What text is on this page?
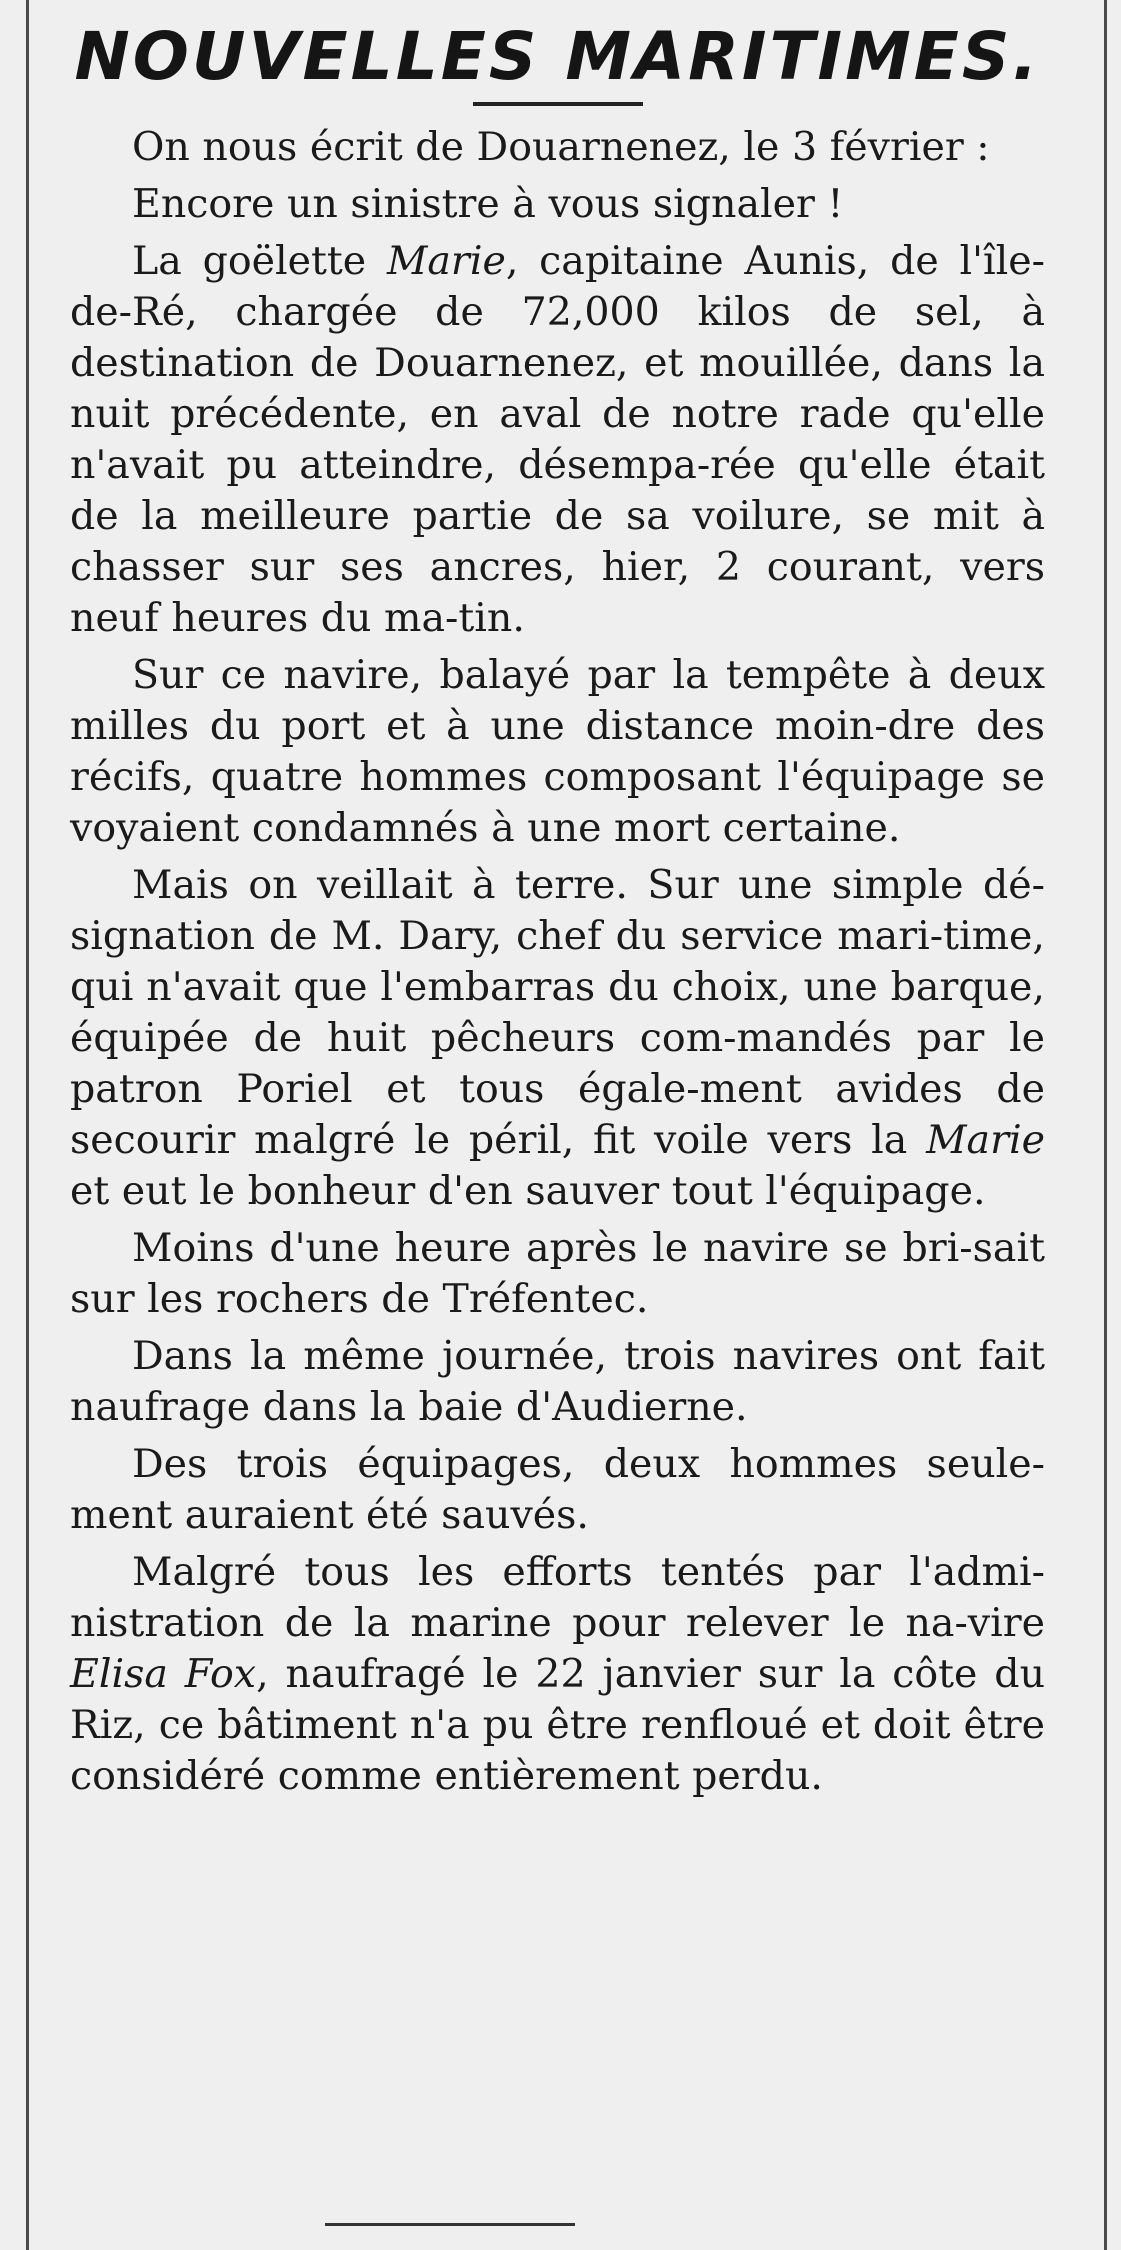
NOUVELLES MARITIMES.

On nous écrit de Douarnenez, le 3 février :

Encore un sinistre à vous signaler !

La goëlette Marie, capitaine Aunis, de l'île-de-Ré, chargée de 72,000 kilos de sel, à destination de Douarnenez, et mouillée, dans la nuit précédente, en aval de notre rade qu'elle n'avait pu atteindre, désempa-rée qu'elle était de la meilleure partie de sa voilure, se mit à chasser sur ses ancres, hier, 2 courant, vers neuf heures du ma-tin.

Sur ce navire, balayé par la tempête à deux milles du port et à une distance moin-dre des récifs, quatre hommes composant l'équipage se voyaient condamnés à une mort certaine.

Mais on veillait à terre. Sur une simple dé-signation de M. Dary, chef du service mari-time, qui n'avait que l'embarras du choix, une barque, équipée de huit pêcheurs com-mandés par le patron Poriel et tous égale-ment avides de secourir malgré le péril, fit voile vers la Marie et eut le bonheur d'en sauver tout l'équipage.

Moins d'une heure après le navire se bri-sait sur les rochers de Tréfentec.

Dans la même journée, trois navires ont fait naufrage dans la baie d'Audierne.

Des trois équipages, deux hommes seule-ment auraient été sauvés.

Malgré tous les efforts tentés par l'admi-nistration de la marine pour relever le na-vire Elisa Fox, naufragé le 22 janvier sur la côte du Riz, ce bâtiment n'a pu être renfloué et doit être considéré comme entièrement perdu.
